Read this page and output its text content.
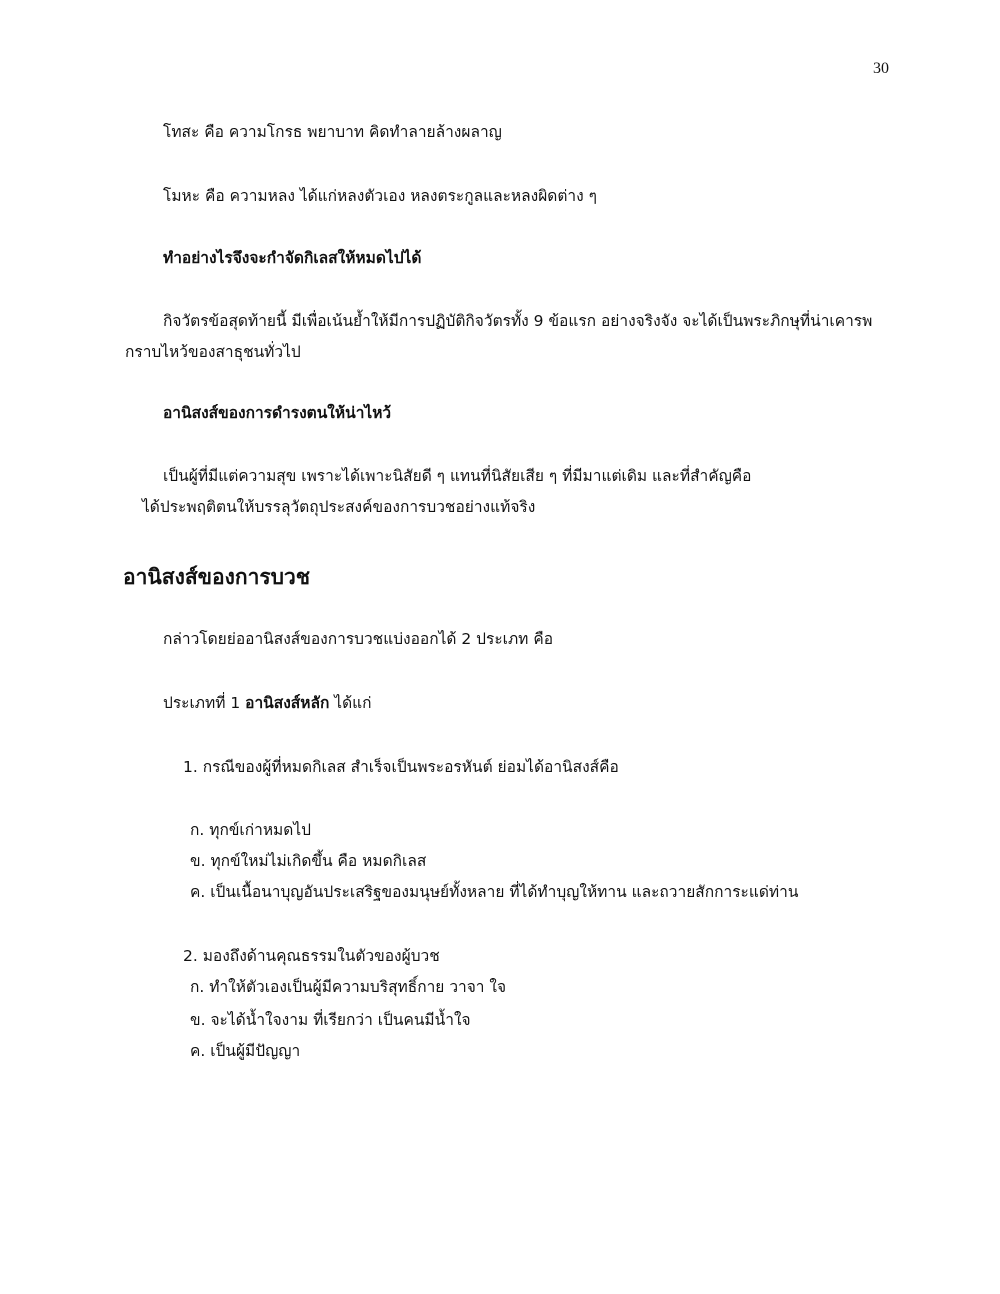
30
โทสะ คือ ความโกรธ พยาบาท คิดทำลายล้างผลาญ
โมหะ คือ ความหลง ได้แก่หลงตัวเอง หลงตระกูลและหลงผิดต่าง ๆ
ทำอย่างไรจึงจะกำจัดกิเลสให้หมดไปได้
กิจวัตรข้อสุดท้ายนี้ มีเพื่อเน้นย้ำให้มีการปฏิบัติกิจวัตรทั้ง 9 ข้อแรก อย่างจริงจัง จะได้เป็นพระภิกษุที่น่าเคารพ
กราบไหว้ของสาธุชนทั่วไป
อานิสงส์ของการดำรงตนให้น่าไหว้
เป็นผู้ที่มีแต่ความสุข เพราะได้เพาะนิสัยดี ๆ แทนที่นิสัยเสีย ๆ ที่มีมาแต่เดิม และที่สำคัญคือ
ได้ประพฤติตนให้บรรลุวัตถุประสงค์ของการบวชอย่างแท้จริง
อานิสงส์ของการบวช
กล่าวโดยย่ออานิสงส์ของการบวชแบ่งออกได้ 2 ประเภท คือ
ประเภทที่ 1 อานิสงส์หลัก ได้แก่
1. กรณีของผู้ที่หมดกิเลส สำเร็จเป็นพระอรหันต์ ย่อมได้อานิสงส์คือ
ก. ทุกข์เก่าหมดไป
ข. ทุกข์ใหม่ไม่เกิดขึ้น คือ หมดกิเลส
ค. เป็นเนื้อนาบุญอันประเสริฐของมนุษย์ทั้งหลาย ที่ได้ทำบุญให้ทาน และถวายสักการะแด่ท่าน
2. มองถึงด้านคุณธรรมในตัวของผู้บวช
ก. ทำให้ตัวเองเป็นผู้มีความบริสุทธิ์กาย วาจา ใจ
ข. จะได้น้ำใจงาม ที่เรียกว่า เป็นคนมีน้ำใจ
ค. เป็นผู้มีปัญญา
